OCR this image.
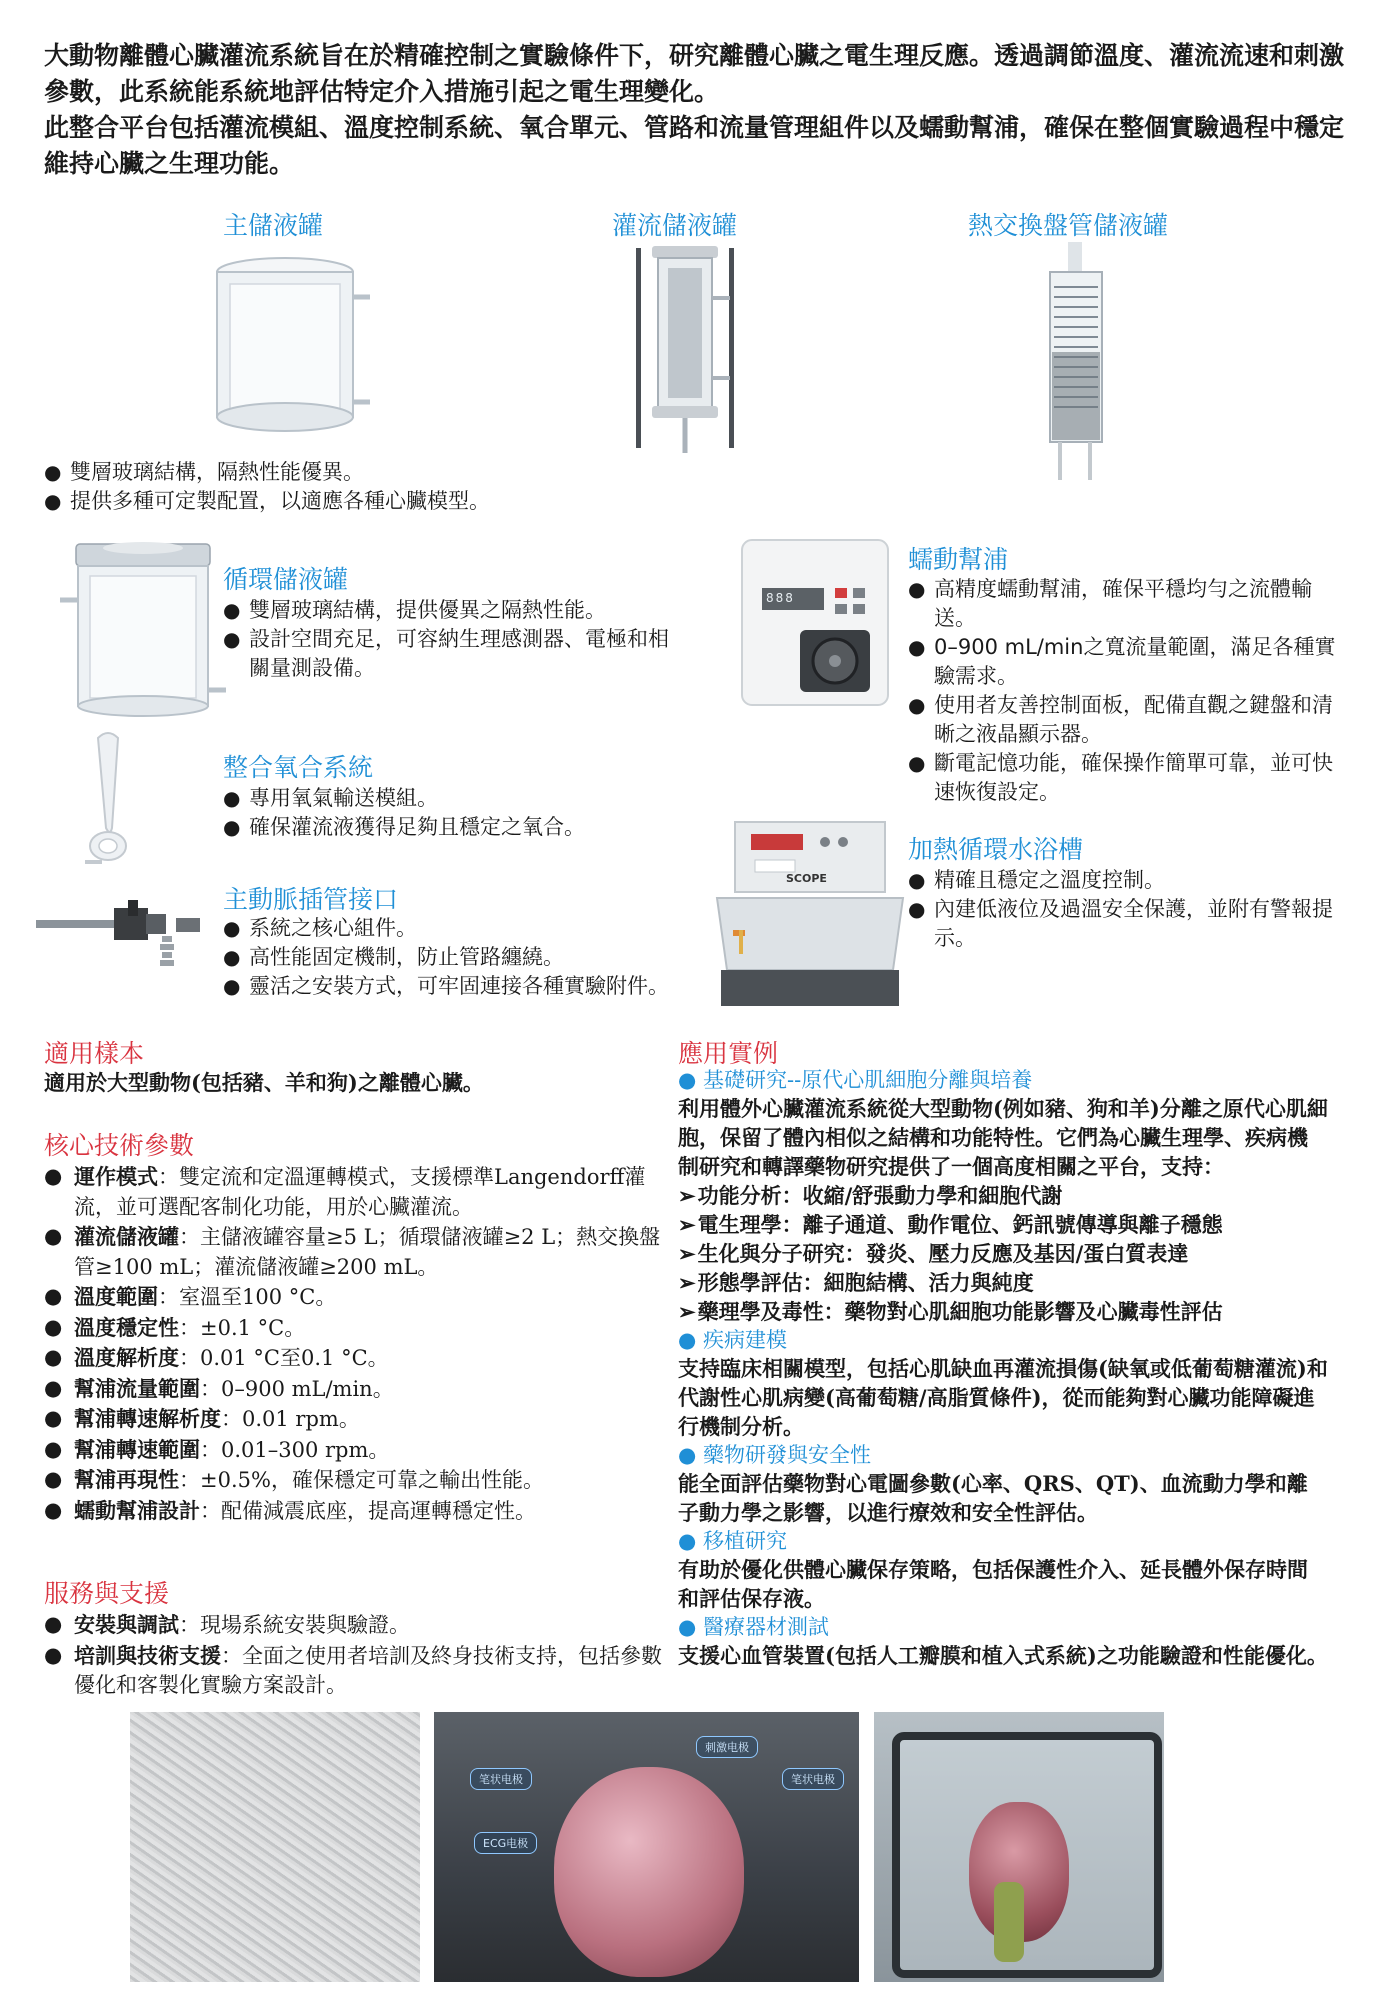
大動物離體心臟灌流系統旨在於精確控制之實驗條件下，研究離體心臟之電生理反應。透過調節溫度、灌流流速和刺激參數，此系統能系統地評估特定介入措施引起之電生理變化。

此整合平台包括灌流模組、溫度控制系統、氧合單元、管路和流量管理組件以及蠕動幫浦，確保在整個實驗過程中穩定維持心臟之生理功能。

主儲液罐	灌流儲液罐	熱交換盤管儲液罐
● 雙層玻璃結構，隔熱性能優異。
● 提供多種可定製配置，以適應各種心臟模型。
循環儲液罐
● 雙層玻璃結構，提供優異之隔熱性能。
● 設計空間充足，可容納生理感測器、電極和相關量測設備。
整合氧合系統
● 專用氧氣輸送模組。
● 確保灌流液獲得足夠且穩定之氧合。
主動脈插管接口
● 系統之核心組件。
● 高性能固定機制，防止管路纏繞。
● 靈活之安裝方式，可牢固連接各種實驗附件。
888
蠕動幫浦
● 高精度蠕動幫浦，確保平穩均勻之流體輸送。
● 0–900 mL/min之寬流量範圍，滿足各種實驗需求。
● 使用者友善控制面板，配備直觀之鍵盤和清晰之液晶顯示器。
● 斷電記憶功能，確保操作簡單可靠，並可快速恢復設定。
SCOPE
加熱循環水浴槽
● 精確且穩定之溫度控制。
● 內建低液位及過溫安全保護，並附有警報提示。
適用樣本
適用於大型動物(包括豬、羊和狗)之離體心臟。
核心技術參數
● 運作模式：雙定流和定溫運轉模式，支援標準Langendorff灌流，並可選配客制化功能，用於心臟灌流。
● 灌流儲液罐：主儲液罐容量≥5 L；循環儲液罐≥2 L；熱交換盤管≥100 mL；灌流儲液罐≥200 mL。
● 溫度範圍：室溫至100 °C。
● 溫度穩定性：±0.1 °C。
● 溫度解析度：0.01 °C至0.1 °C。
● 幫浦流量範圍：0–900 mL/min。
● 幫浦轉速解析度：0.01 rpm。
● 幫浦轉速範圍：0.01–300 rpm。
● 幫浦再現性：±0.5%，確保穩定可靠之輸出性能。
● 蠕動幫浦設計：配備減震底座，提高運轉穩定性。
服務與支援
● 安裝與調試：現場系統安裝與驗證。
● 培訓與技術支援：全面之使用者培訓及終身技術支持，包括參數優化和客製化實驗方案設計。
應用實例
● 基礎研究--原代心肌細胞分離與培養
利用體外心臟灌流系統從大型動物(例如豬、狗和羊)分離之原代心肌細胞，保留了體內相似之結構和功能特性。它們為心臟生理學、疾病機制研究和轉譯藥物研究提供了一個高度相關之平台，支持：
➢ 功能分析：收縮/舒張動力學和細胞代謝
➢ 電生理學：離子通道、動作電位、鈣訊號傳導與離子穩態
➢ 生化與分子研究：發炎、壓力反應及基因/蛋白質表達
➢ 形態學評估：細胞結構、活力與純度
➢ 藥理學及毒性：藥物對心肌細胞功能影響及心臟毒性評估
● 疾病建模
支持臨床相關模型，包括心肌缺血再灌流損傷(缺氧或低葡萄糖灌流)和代謝性心肌病變(高葡萄糖/高脂質條件)，從而能夠對心臟功能障礙進行機制分析。
● 藥物研發與安全性
能全面評估藥物對心電圖參數(心率、QRS、QT)、血流動力學和離子動力學之影響，以進行療效和安全性評估。
● 移植研究
有助於優化供體心臟保存策略，包括保護性介入、延長體外保存時間和評估保存液。
● 醫療器材測試
支援心血管裝置(包括人工瓣膜和植入式系統)之功能驗證和性能優化。
刺激电极
笔状电极	笔状电极
ECG电极
